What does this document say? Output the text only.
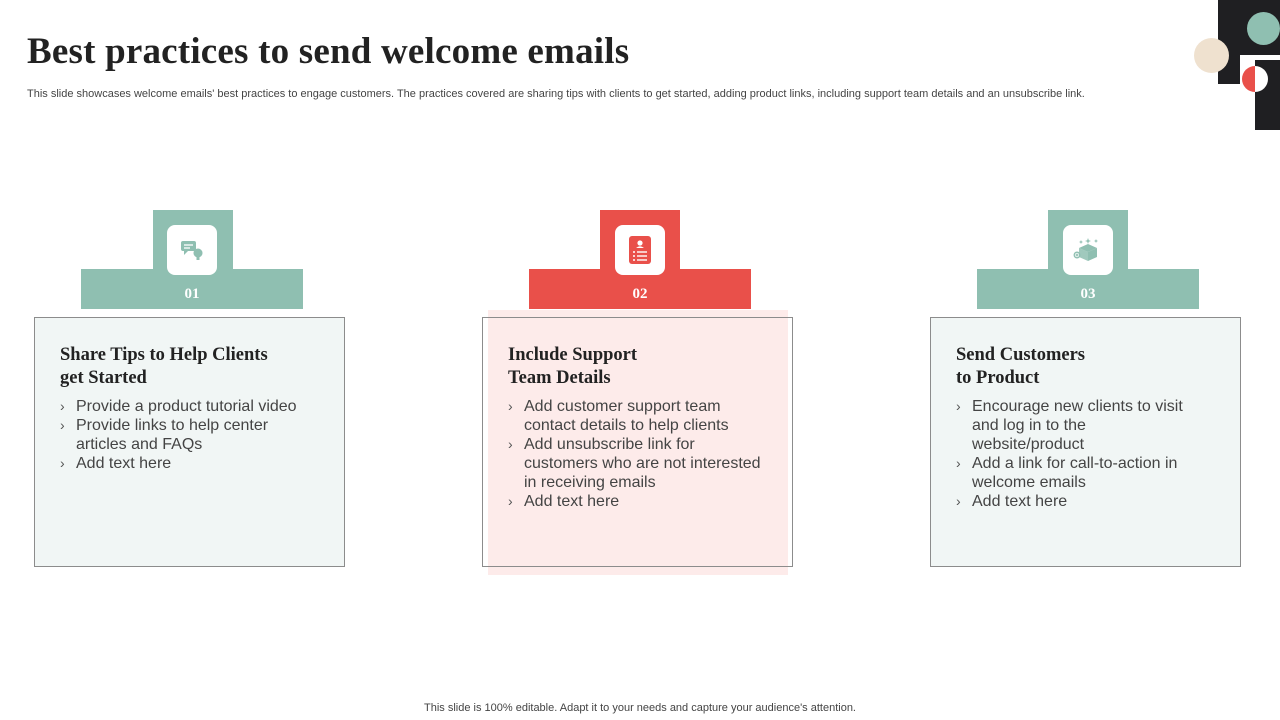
Best practices to send welcome emails

This slide showcases welcome emails' best practices to engage customers. The practices covered are sharing tips with clients to get started, adding product links, including support team details and an unsubscribe link.

01
Share Tips to Help Clients
get Started
› Provide a product tutorial video
› Provide links to help center articles and FAQs
› Add text here
02
Include Support
Team Details
› Add customer support team contact details to help clients
› Add unsubscribe link for customers who are not interested in receiving emails
› Add text here
03
Send Customers
to Product
› Encourage new clients to visit and log in to the website/product
› Add a link for call-to-action in welcome emails
› Add text here

This slide is 100% editable. Adapt it to your needs and capture your audience's attention.
